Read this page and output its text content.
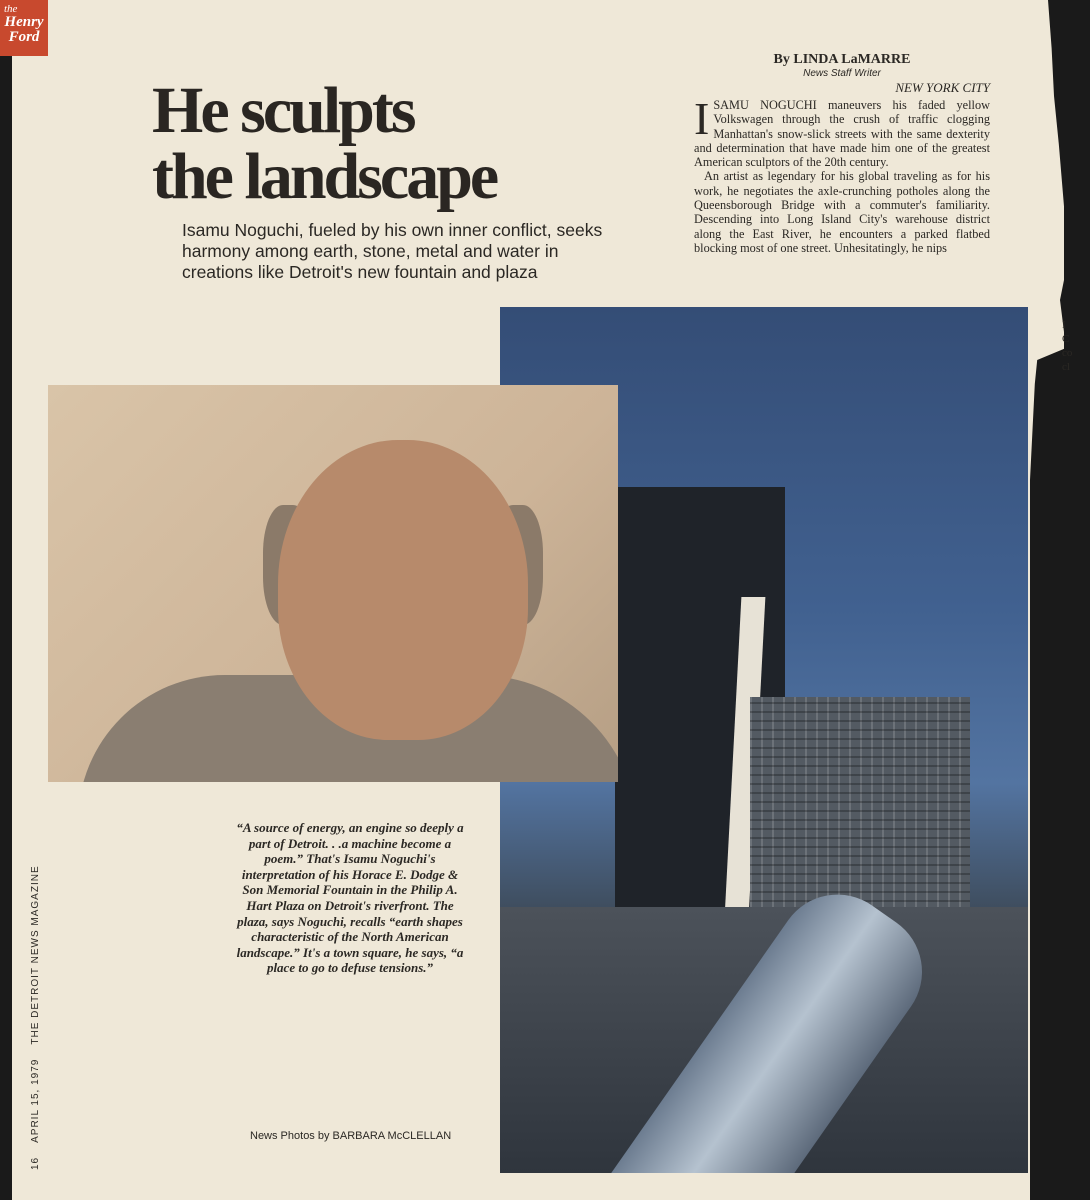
the
Henry
Ford
He sculpts
the landscape

Isamu Noguchi, fueled by his own inner conflict, seeks harmony among earth, stone, metal and water in creations like Detroit's new fountain and plaza

By LINDA LaMARRE
News Staff Writer
NEW YORK CITY

ISAMU NOGUCHI maneuvers his faded yellow Volkswagen through the crush of traffic clogging Manhattan's snow-slick streets with the same dexterity and determination that have made him one of the greatest American sculptors of the 20th century.

An artist as legendary for his global traveling as for his work, he negotiates the axle-crunching potholes along the Queensborough Bridge with a commuter's familiarity. Descending into Long Island City's warehouse district along the East River, he encounters a parked flatbed blocking most of one street. Unhesitatingly, he nips

I
C
co
cl

“A source of energy, an engine so deeply a part of Detroit. . .a machine become a poem.” That's Isamu Noguchi's interpretation of his Horace E. Dodge & Son Memorial Fountain in the Philip A. Hart Plaza on Detroit's riverfront. The plaza, says Noguchi, recalls “earth shapes characteristic of the North American landscape.” It's a town square, he says, “a place to go to defuse tensions.”

News Photos by BARBARA McCLELLAN

16APRIL 15, 1979THE DETROIT NEWS MAGAZINE
